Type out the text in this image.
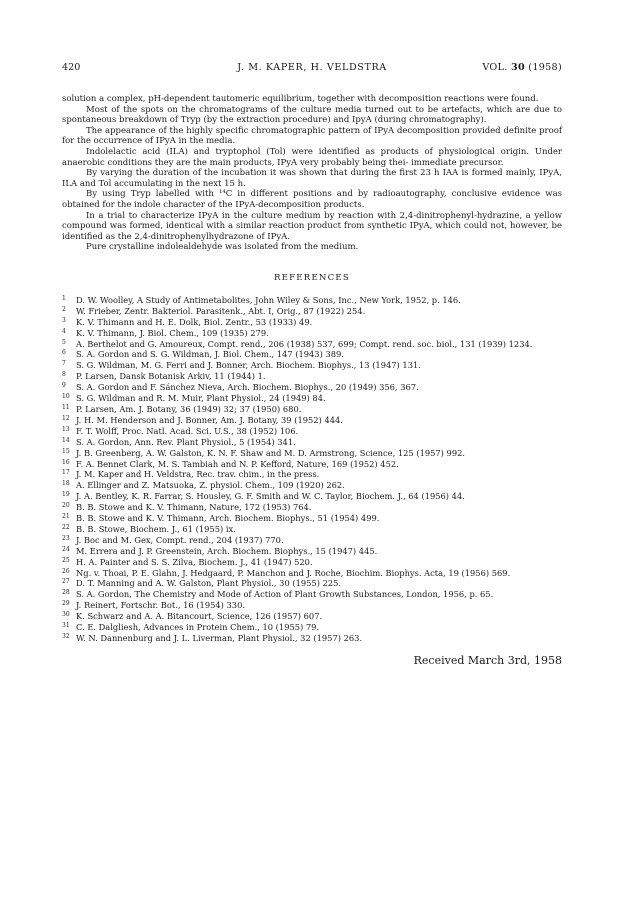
420	J. M. KAPER, H. VELDSTRA	VOL. 30 (1958)

solution a complex, pH-dependent tautomeric equilibrium, together with decomposition reactions were found.

Most of the spots on the chromatograms of the culture media turned out to be artefacts, which are due to spontaneous breakdown of Tryp (by the extraction procedure) and IpyA (during chromatography).

The appearance of the highly specific chromatographic pattern of IPyA decomposition provided definite proof for the occurrence of IPyA in the media.

Indolelactic acid (ILA) and tryptophol (Tol) were identified as products of physiological origin. Under anaerobic conditions they are the main products, IPyA very probably being thei- immediate precursor.

By varying the duration of the incubation it was shown that during the first 23 h IAA is formed mainly, IPyA, ILA and Tol accumulating in the next 15 h.

By using Tryp labelled with ¹⁴C in different positions and by radioautography, conclusive evidence was obtained for the indole character of the IPyA-decomposition products.

In a trial to characterize IPyA in the culture medium by reaction with 2,4-dinitrophenyl-hydrazine, a yellow compound was formed, identical with a similar reaction product from synthetic IPyA, which could not, however, be identified as the 2,4-dinitrophenylhydrazone of IPyA.

Pure crystalline indolealdehyde was isolated from the medium.

REFERENCES
1	D. W. Woolley, A Study of Antimetabolites, John Wiley & Sons, Inc., New York, 1952, p. 146.
2	W. Frieber, Zentr. Bakteriol. Parasitenk., Abt. I, Orig., 87 (1922) 254.
3	K. V. Thimann and H. E. Dolk, Biol. Zentr., 53 (1933) 49.
4	K. V. Thimann, J. Biol. Chem., 109 (1935) 279.
5	A. Berthelot and G. Amoureux, Compt. rend., 206 (1938) 537, 699; Compt. rend. soc. biol., 131 (1939) 1234.
6	S. A. Gordon and S. G. Wildman, J. Biol. Chem., 147 (1943) 389.
7	S. G. Wildman, M. G. Ferri and J. Bonner, Arch. Biochem. Biophys., 13 (1947) 131.
8	P. Larsen, Dansk Botanisk Arkiv, 11 (1944) 1.
9	S. A. Gordon and F. Sánchez Nieva, Arch. Biochem. Biophys., 20 (1949) 356, 367.
10 S. G. Wildman and R. M. Muir, Plant Physiol., 24 (1949) 84.
11 P. Larsen, Am. J. Botany, 36 (1949) 32; 37 (1950) 680.
12 J. H. M. Henderson and J. Bonner, Am. J. Botany, 39 (1952) 444.
13 F. T. Wolff, Proc. Natl. Acad. Sci. U.S., 38 (1952) 106.
14 S. A. Gordon, Ann. Rev. Plant Physiol., 5 (1954) 341.
15 J. B. Greenberg, A. W. Galston, K. N. F. Shaw and M. D. Armstrong, Science, 125 (1957) 992.
16 F. A. Bennet Clark, M. S. Tambiah and N. P. Kefford, Nature, 169 (1952) 452.
17 J. M. Kaper and H. Veldstra, Rec. trav. chim., in the press.
18 A. Ellinger and Z. Matsuoka, Z. physiol. Chem., 109 (1920) 262.
19 J. A. Bentley, K. R. Farrar, S. Housley, G. F. Smith and W. C. Taylor, Biochem. J., 64 (1956) 44.
20 B. B. Stowe and K. V. Thimann, Nature, 172 (1953) 764.
21 B. B. Stowe and K. V. Thimann, Arch. Biochem. Biophys., 51 (1954) 499.
22 B. B. Stowe, Biochem. J., 61 (1955) ix.
23 J. Boc and M. Gex, Compt. rend., 204 (1937) 770.
24 M. Errera and J. P. Greenstein, Arch. Biochem. Biophys., 15 (1947) 445.
25 H. A. Painter and S. S. Zilva, Biochem. J., 41 (1947) 520.
26 Ng. v. Thoai, P. E. Glahn, J. Hedgaard, P. Manchon and J. Roche, Biochim. Biophys. Acta, 19 (1956) 569.
27 D. T. Manning and A. W. Galston, Plant Physiol., 30 (1955) 225.
28 S. A. Gordon, The Chemistry and Mode of Action of Plant Growth Substances, London, 1956, p. 65.
29 J. Reinert, Fortschr. Bot., 16 (1954) 330.
30 K. Schwarz and A. A. Bitancourt, Science, 126 (1957) 607.
31 C. E. Dalgliesh, Advances in Protein Chem., 10 (1955) 79.
32 W. N. Dannenburg and J. L. Liverman, Plant Physiol., 32 (1957) 263.
Received March 3rd, 1958
